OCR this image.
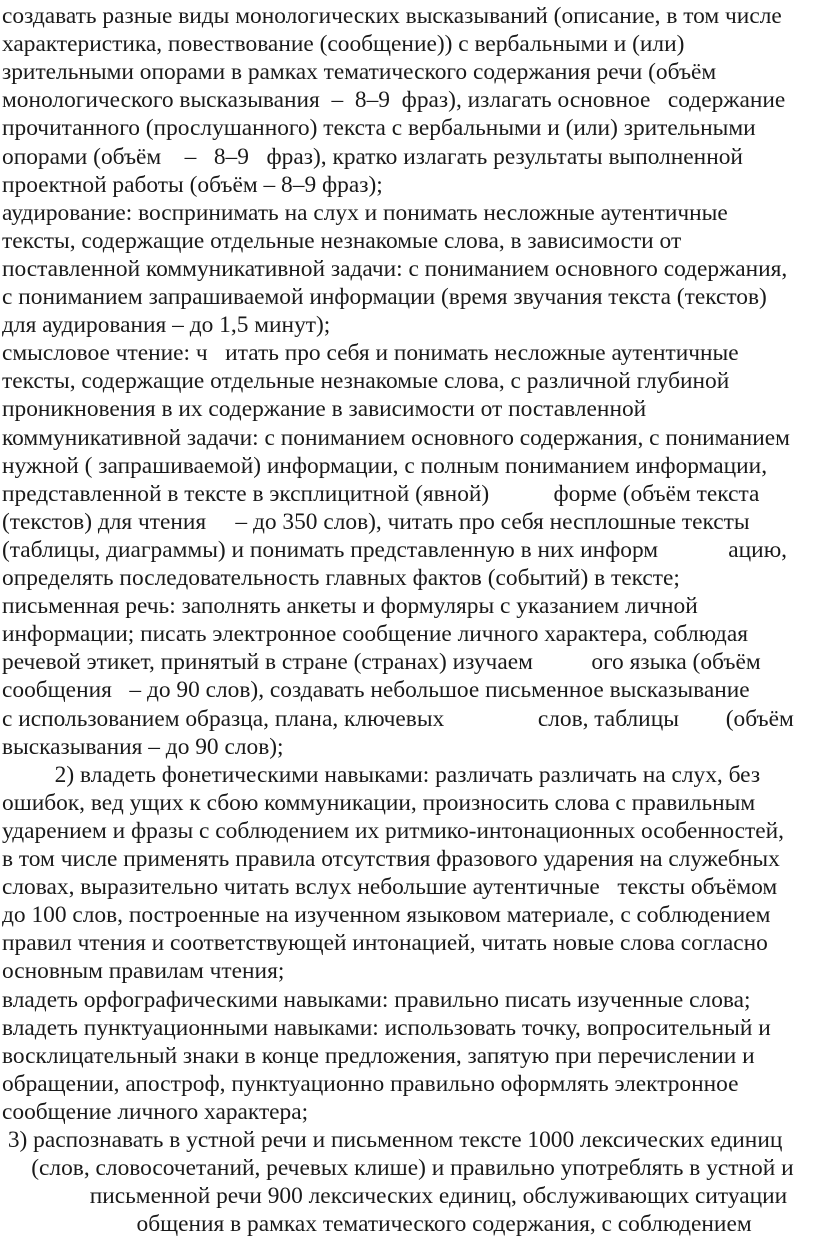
создавать разные виды монологических высказываний (описание, в том числе
характеристика, повествование (сообщение)) с вербальными и (или)
зрительными опорами в рамках тематического содержания речи (объём
монологического высказывания  –  8–9  фраз), излагать основное   содержание
прочитанного (прослушанного) текста с вербальными и (или) зрительными
опорами (объём    –   8–9   фраз), кратко излагать результаты выполненной
проектной работы (объём – 8–9 фраз);
аудирование: воспринимать на слух и понимать несложные аутентичные
тексты, содержащие отдельные незнакомые слова, в зависимости от
поставленной коммуникативной задачи: с пониманием основного содержания,
с пониманием запрашиваемой информации (время звучания текста (текстов)
для аудирования – до 1,5 минут);
смысловое чтение: ч   итать про себя и понимать несложные аутентичные
тексты, содержащие отдельные незнакомые слова, с различной глубиной
проникновения в их содержание в зависимости от поставленной
коммуникативной задачи: с пониманием основного содержания, с пониманием
нужной ( запрашиваемой) информации, с полным пониманием информации,
представленной в тексте в эксплицитной (явной)           форме (объём текста
(текстов) для чтения     – до 350 слов), читать про себя несплошные тексты
(таблицы, диаграммы) и понимать представленную в них информ            ацию,
определять последовательность главных фактов (событий) в тексте;
письменная речь: заполнять анкеты и формуляры с указанием личной
информации; писать электронное сообщение личного характера, соблюдая
речевой этикет, принятый в стране (странах) изучаем          ого языка (объём
сообщения   – до 90 слов), создавать небольшое письменное высказывание
с использованием образца, плана, ключевых                слов, таблицы        (объём
высказывания – до 90 слов);
2) владеть фонетическими навыками: различать различать на слух, без
ошибок, вед ущих к сбою коммуникации, произносить слова с правильным
ударением и фразы с соблюдением их ритмико-интонационных особенностей,
в том числе применять правила отсутствия фразового ударения на служебных
словах, выразительно читать вслух небольшие аутентичные   тексты объёмом
до 100 слов, построенные на изученном языковом материале, с соблюдением
правил чтения и соответствующей интонацией, читать новые слова согласно
основным правилам чтения;
владеть орфографическими навыками: правильно писать изученные слова;
владеть пунктуационными навыками: использовать точку, вопросительный и
восклицательный знаки в конце предложения, запятую при перечислении и
обращении, апостроф, пунктуационно правильно оформлять электронное
сообщение личного характера;
3) распознавать в устной речи и письменном тексте 1000 лексических единиц
(слов, словосочетаний, речевых клише) и правильно употреблять в устной и
письменной речи 900 лексических единиц, обслуживающих ситуации
общения в рамках тематического содержания, с соблюдением
